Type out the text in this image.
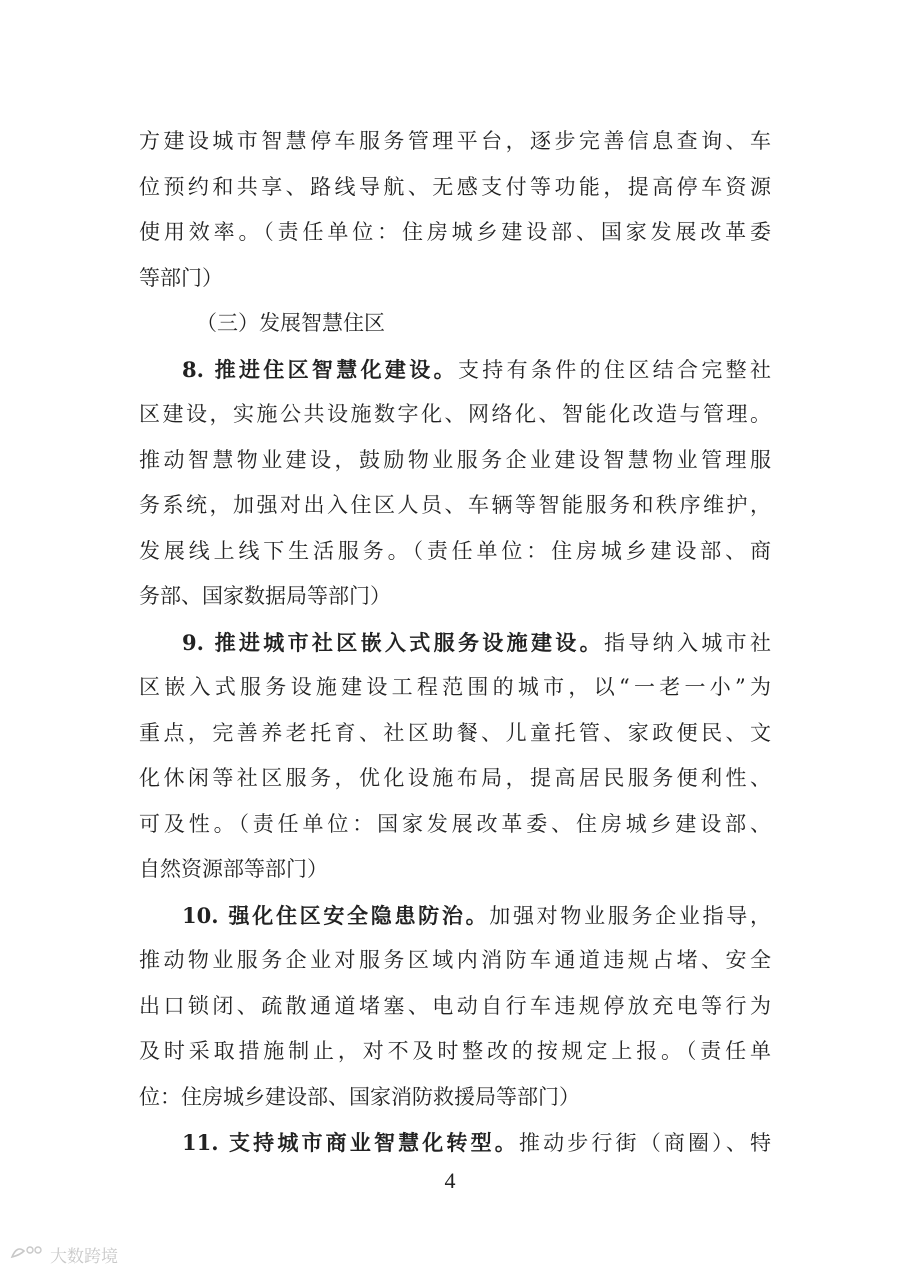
方建设城市智慧停车服务管理平台，逐步完善信息查询、车
位预约和共享、路线导航、无感支付等功能，提高停车资源
使用效率。（责任单位：住房城乡建设部、国家发展改革委
等部门）
（三）发展智慧住区
8. 推进住区智慧化建设。支持有条件的住区结合完整社
区建设，实施公共设施数字化、网络化、智能化改造与管理。
推动智慧物业建设，鼓励物业服务企业建设智慧物业管理服
务系统，加强对出入住区人员、车辆等智能服务和秩序维护，
发展线上线下生活服务。（责任单位：住房城乡建设部、商
务部、国家数据局等部门）
9. 推进城市社区嵌入式服务设施建设。指导纳入城市社
区嵌入式服务设施建设工程范围的城市，以“一老一小”为
重点，完善养老托育、社区助餐、儿童托管、家政便民、文
化休闲等社区服务，优化设施布局，提高居民服务便利性、
可及性。（责任单位：国家发展改革委、住房城乡建设部、
自然资源部等部门）
10. 强化住区安全隐患防治。加强对物业服务企业指导，
推动物业服务企业对服务区域内消防车通道违规占堵、安全
出口锁闭、疏散通道堵塞、电动自行车违规停放充电等行为
及时采取措施制止，对不及时整改的按规定上报。（责任单
位：住房城乡建设部、国家消防救援局等部门）
11. 支持城市商业智慧化转型。推动步行街（商圈）、特
4
大数跨境
